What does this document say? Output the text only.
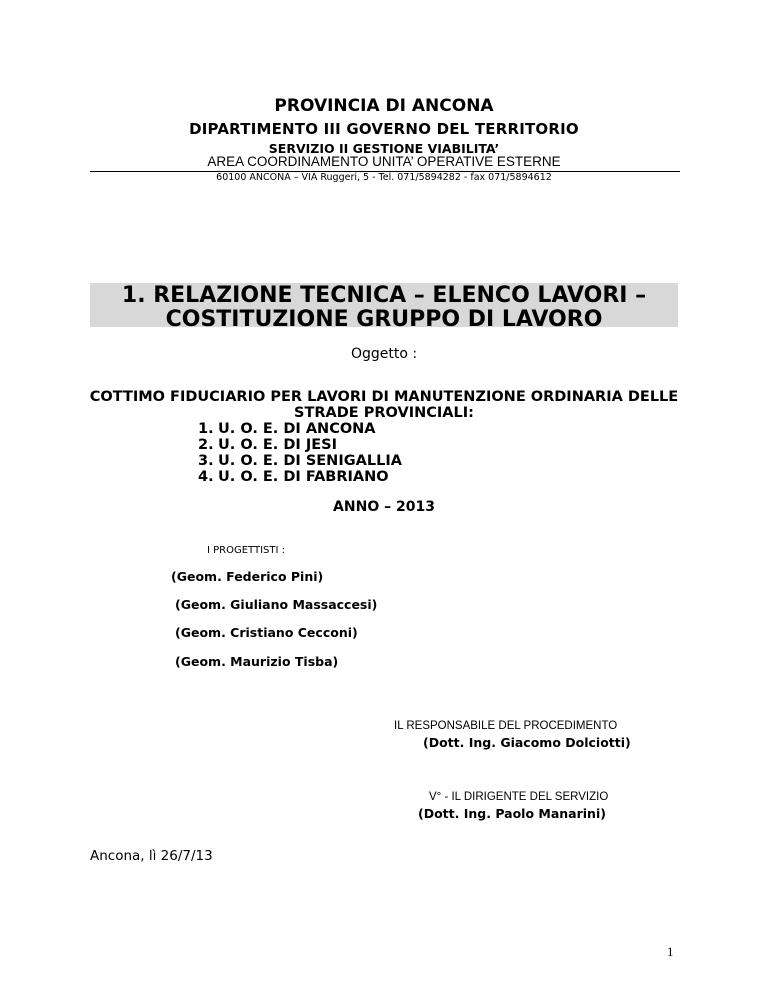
PROVINCIA DI ANCONA
DIPARTIMENTO III GOVERNO DEL TERRITORIO
SERVIZIO II GESTIONE VIABILITA’
AREA COORDINAMENTO UNITA’ OPERATIVE ESTERNE
60100 ANCONA – VIA Ruggeri, 5 - Tel. 071/5894282 - fax 071/5894612
1. RELAZIONE TECNICA – ELENCO LAVORI –
COSTITUZIONE GRUPPO DI LAVORO
Oggetto :
COTTIMO FIDUCIARIO PER LAVORI DI MANUTENZIONE ORDINARIA DELLE
STRADE PROVINCIALI:
1. U. O. E. DI ANCONA
2. U. O. E. DI JESI
3. U. O. E. DI SENIGALLIA
4. U. O. E. DI FABRIANO
ANNO – 2013
I PROGETTISTI :
(Geom. Federico Pini)
(Geom. Giuliano Massaccesi)
(Geom. Cristiano Cecconi)
(Geom. Maurizio Tisba)
IL RESPONSABILE DEL PROCEDIMENTO
(Dott. Ing. Giacomo Dolciotti)
V° - IL DIRIGENTE DEL SERVIZIO
(Dott. Ing. Paolo Manarini)
Ancona, lì 26/7/13
1
